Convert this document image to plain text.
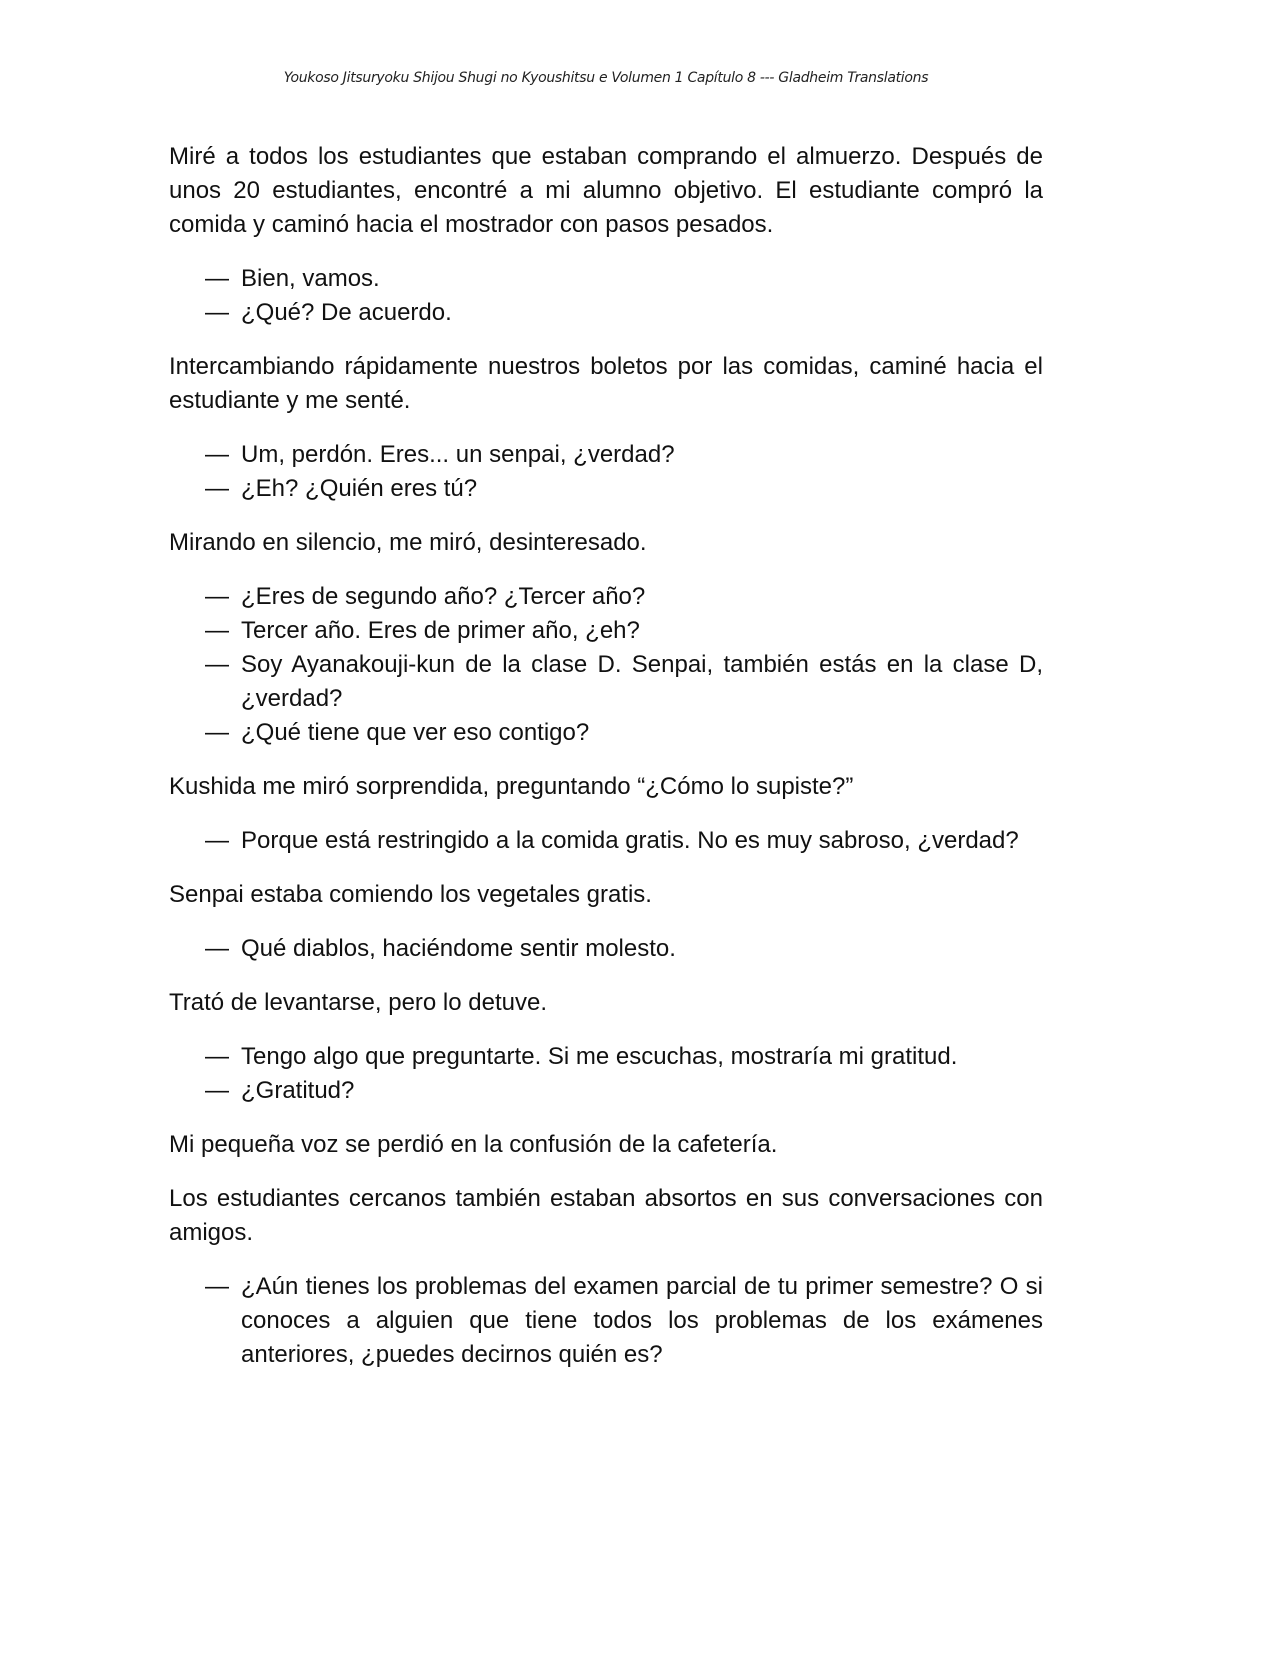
Youkoso Jitsuryoku Shijou Shugi no Kyoushitsu e Volumen 1 Capítulo 8 --- Gladheim Translations

Miré a todos los estudiantes que estaban comprando el almuerzo. Después de unos 20 estudiantes, encontré a mi alumno objetivo. El estudiante compró la comida y caminó hacia el mostrador con pasos pesados.

— Bien, vamos.
— ¿Qué? De acuerdo.

Intercambiando rápidamente nuestros boletos por las comidas, caminé hacia el estudiante y me senté.

— Um, perdón. Eres... un senpai, ¿verdad?
— ¿Eh? ¿Quién eres tú?

Mirando en silencio, me miró, desinteresado.

— ¿Eres de segundo año? ¿Tercer año?
— Tercer año. Eres de primer año, ¿eh?
— Soy Ayanakouji-kun de la clase D. Senpai, también estás en la clase D, ¿verdad?
— ¿Qué tiene que ver eso contigo?

Kushida me miró sorprendida, preguntando “¿Cómo lo supiste?”

— Porque está restringido a la comida gratis. No es muy sabroso, ¿verdad?

Senpai estaba comiendo los vegetales gratis.

— Qué diablos, haciéndome sentir molesto.

Trató de levantarse, pero lo detuve.

— Tengo algo que preguntarte. Si me escuchas, mostraría mi gratitud.
— ¿Gratitud?

Mi pequeña voz se perdió en la confusión de la cafetería.

Los estudiantes cercanos también estaban absortos en sus conversaciones con amigos.

— ¿Aún tienes los problemas del examen parcial de tu primer semestre? O si conoces a alguien que tiene todos los problemas de los exámenes anteriores, ¿puedes decirnos quién es?
